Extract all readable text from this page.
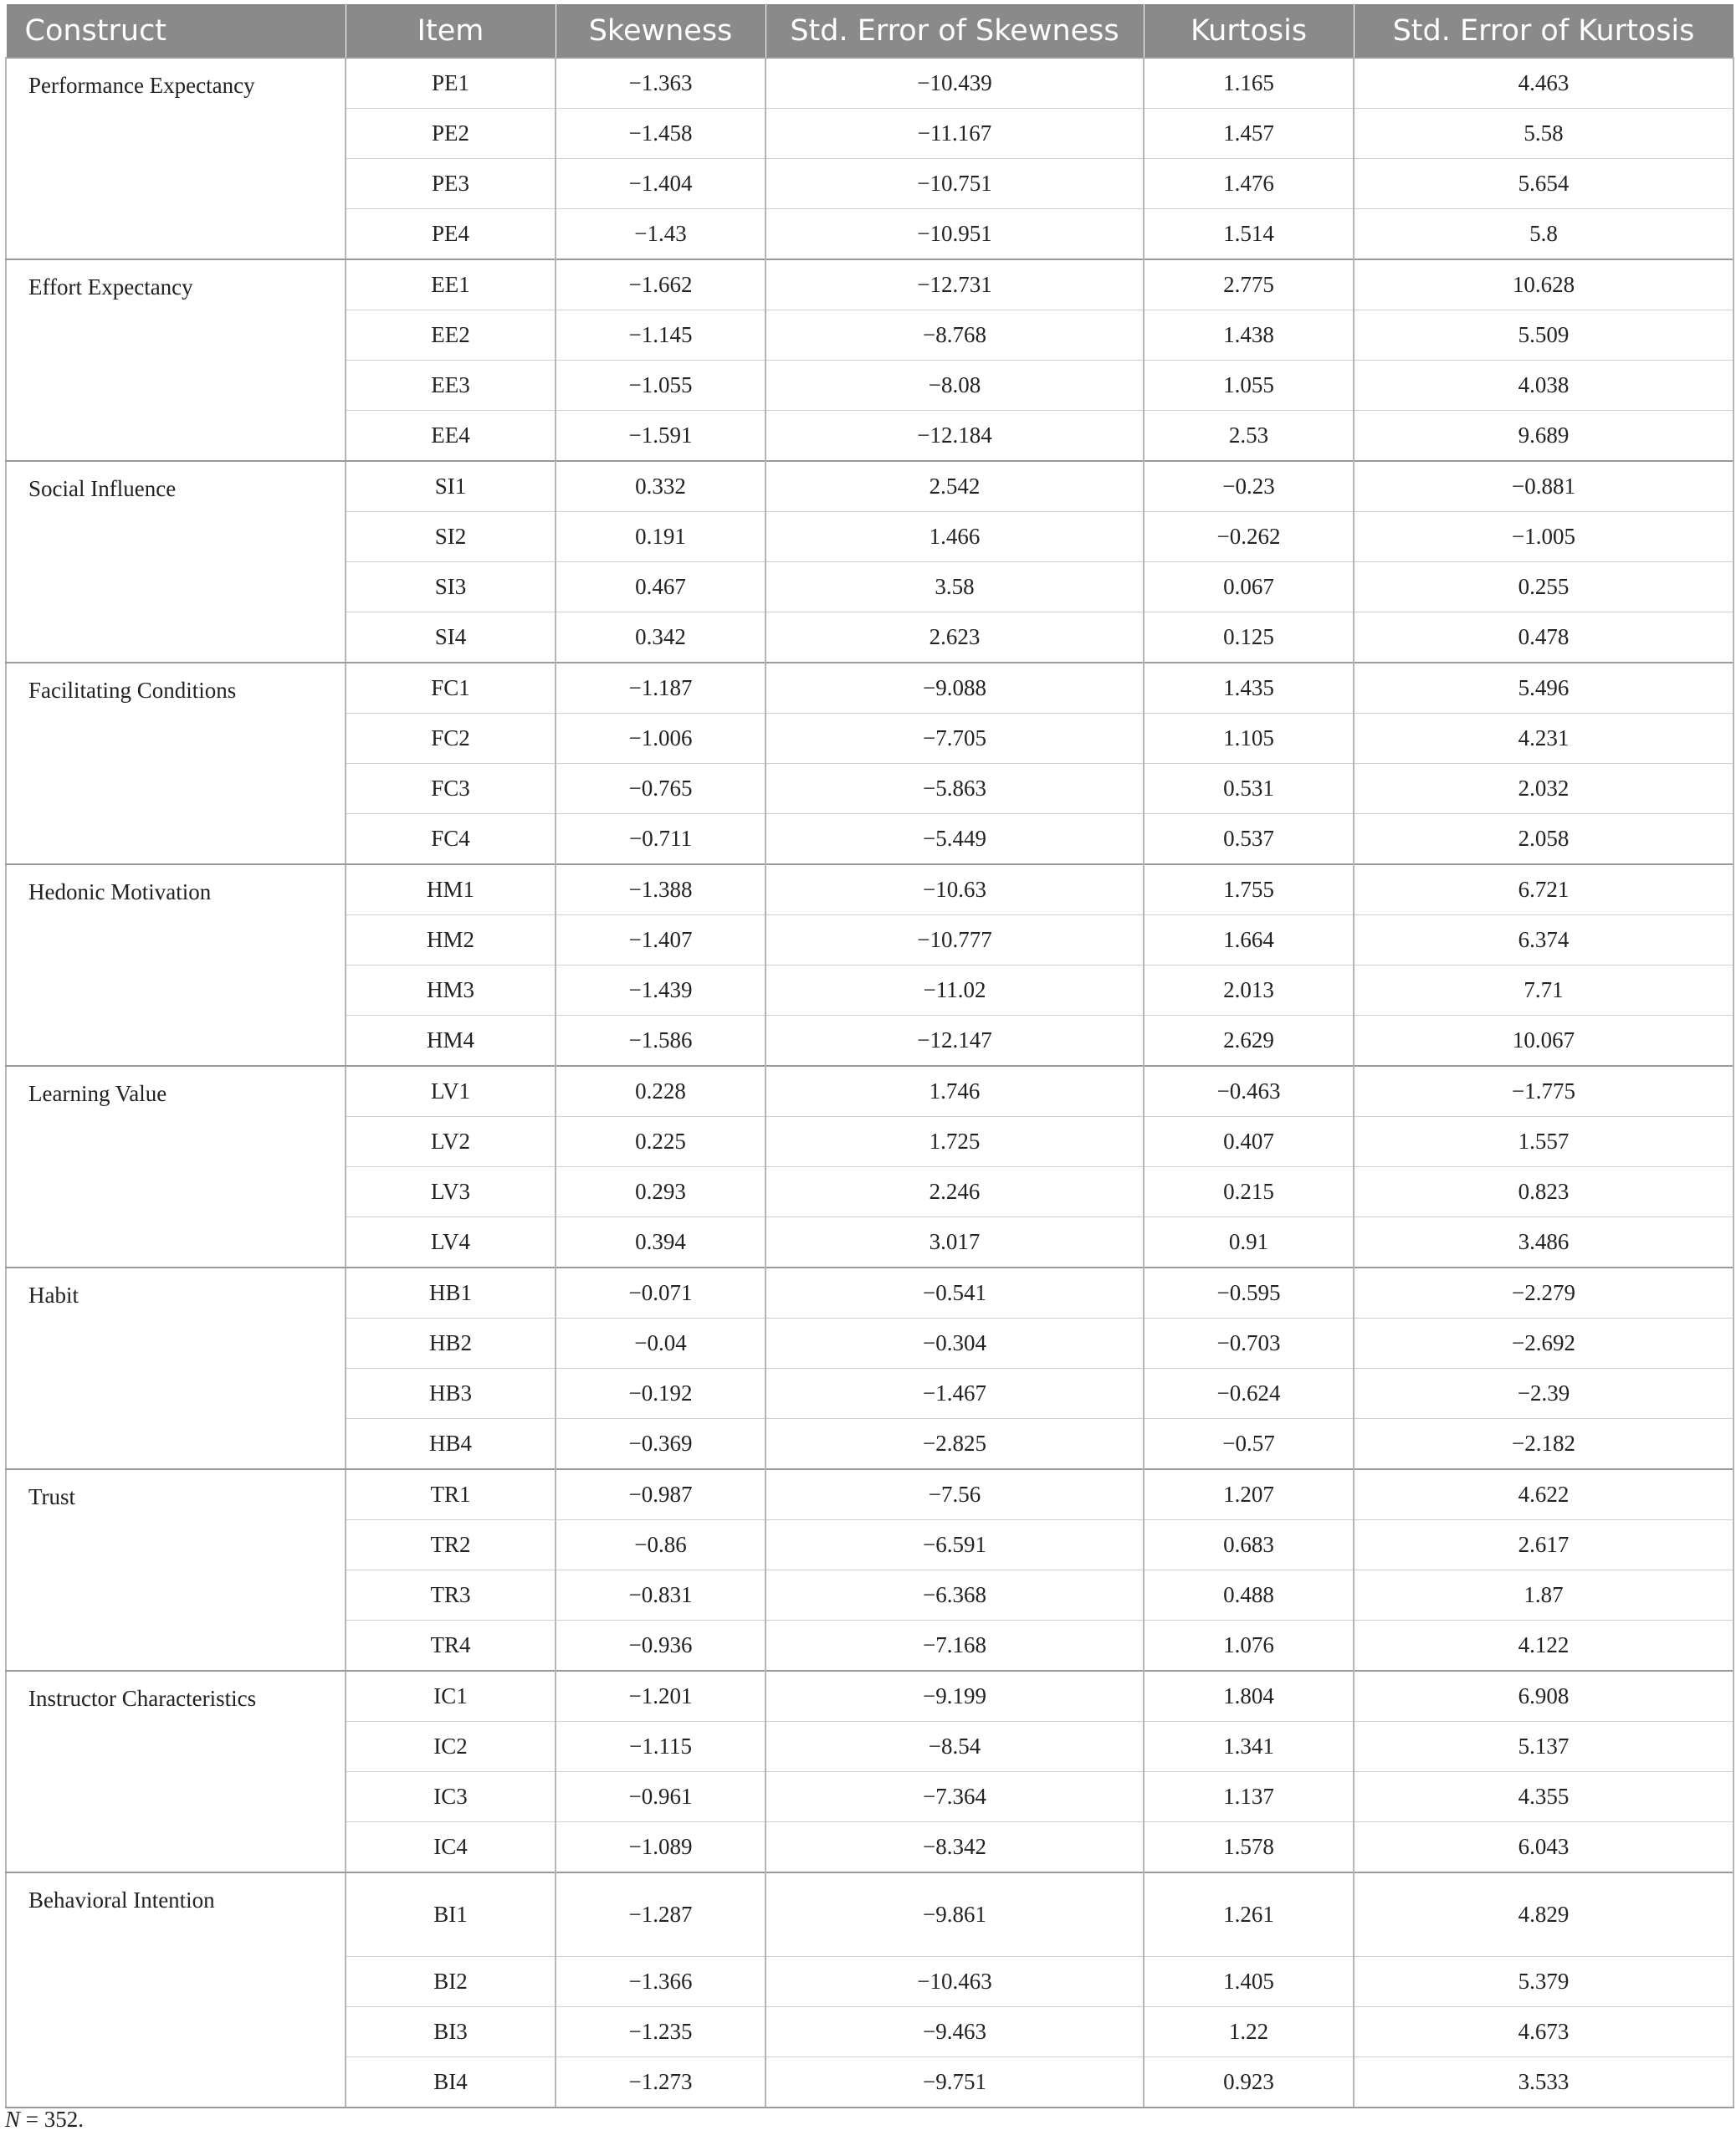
Construct	Item	Skewness	Std. Error of Skewness	Kurtosis	Std. Error of Kurtosis
Performance Expectancy	PE1	−1.363	−10.439	1.165	4.463
	PE2	−1.458	−11.167	1.457	5.58
	PE3	−1.404	−10.751	1.476	5.654
	PE4	−1.43	−10.951	1.514	5.8
Effort Expectancy	EE1	−1.662	−12.731	2.775	10.628
	EE2	−1.145	−8.768	1.438	5.509
	EE3	−1.055	−8.08	1.055	4.038
	EE4	−1.591	−12.184	2.53	9.689
Social Influence	SI1	0.332	2.542	−0.23	−0.881
	SI2	0.191	1.466	−0.262	−1.005
	SI3	0.467	3.58	0.067	0.255
	SI4	0.342	2.623	0.125	0.478
Facilitating Conditions	FC1	−1.187	−9.088	1.435	5.496
	FC2	−1.006	−7.705	1.105	4.231
	FC3	−0.765	−5.863	0.531	2.032
	FC4	−0.711	−5.449	0.537	2.058
Hedonic Motivation	HM1	−1.388	−10.63	1.755	6.721
	HM2	−1.407	−10.777	1.664	6.374
	HM3	−1.439	−11.02	2.013	7.71
	HM4	−1.586	−12.147	2.629	10.067
Learning Value	LV1	0.228	1.746	−0.463	−1.775
	LV2	0.225	1.725	0.407	1.557
	LV3	0.293	2.246	0.215	0.823
	LV4	0.394	3.017	0.91	3.486
Habit	HB1	−0.071	−0.541	−0.595	−2.279
	HB2	−0.04	−0.304	−0.703	−2.692
	HB3	−0.192	−1.467	−0.624	−2.39
	HB4	−0.369	−2.825	−0.57	−2.182
Trust	TR1	−0.987	−7.56	1.207	4.622
	TR2	−0.86	−6.591	0.683	2.617
	TR3	−0.831	−6.368	0.488	1.87
	TR4	−0.936	−7.168	1.076	4.122
Instructor Characteristics	IC1	−1.201	−9.199	1.804	6.908
	IC2	−1.115	−8.54	1.341	5.137
	IC3	−0.961	−7.364	1.137	4.355
	IC4	−1.089	−8.342	1.578	6.043
Behavioral Intention	BI1	−1.287	−9.861	1.261	4.829
	BI2	−1.366	−10.463	1.405	5.379
	BI3	−1.235	−9.463	1.22	4.673
	BI4	−1.273	−9.751	0.923	3.533
N = 352.
